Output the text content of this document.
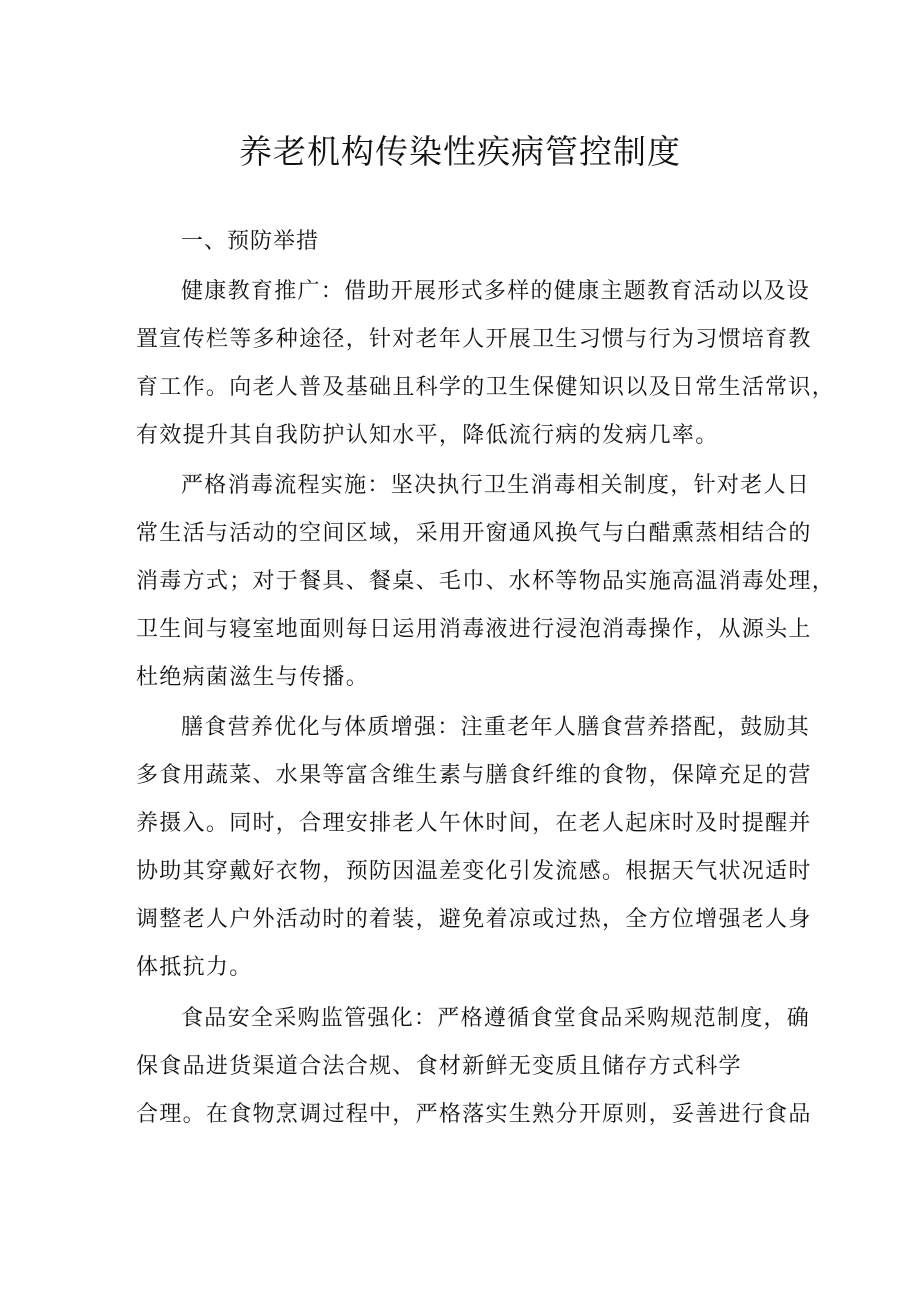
养老机构传染性疾病管控制度

一、预防举措

健康教育推广：借助开展形式多样的健康主题教育活动以及设

置宣传栏等多种途径，针对老年人开展卫生习惯与行为习惯培育教

育工作。向老人普及基础且科学的卫生保健知识以及日常生活常识，

有效提升其自我防护认知水平，降低流行病的发病几率。

严格消毒流程实施：坚决执行卫生消毒相关制度，针对老人日

常生活与活动的空间区域，采用开窗通风换气与白醋熏蒸相结合的

消毒方式；对于餐具、餐桌、毛巾、水杯等物品实施高温消毒处理，

卫生间与寝室地面则每日运用消毒液进行浸泡消毒操作，从源头上

杜绝病菌滋生与传播。

膳食营养优化与体质增强：注重老年人膳食营养搭配，鼓励其

多食用蔬菜、水果等富含维生素与膳食纤维的食物，保障充足的营

养摄入。同时，合理安排老人午休时间，在老人起床时及时提醒并

协助其穿戴好衣物，预防因温差变化引发流感。根据天气状况适时

调整老人户外活动时的着装，避免着凉或过热，全方位增强老人身

体抵抗力。

食品安全采购监管强化：严格遵循食堂食品采购规范制度，确

保食品进货渠道合法合规、食材新鲜无变质且储存方式科学

合理。在食物烹调过程中，严格落实生熟分开原则，妥善进行食品
